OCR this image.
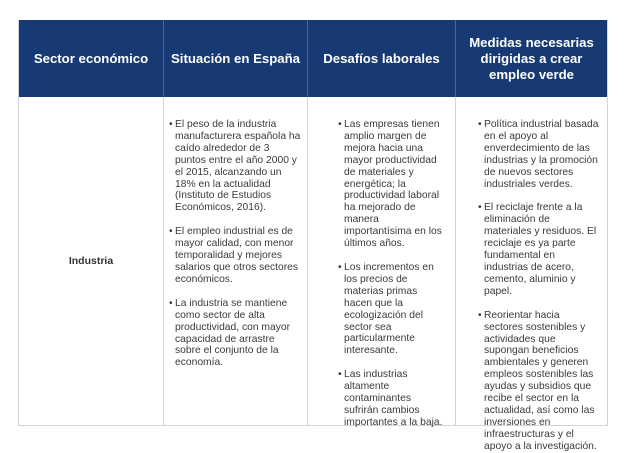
Sector económico	Situación en España	Desafíos laborales
Medidas necesarias dirigidas a crear empleo verde
Industria
• El peso de la industria manufacturera española ha caído alrededor de 3 puntos entre el año 2000 y el 2015, alcanzando un 18% en la actualidad (Instituto de Estudios Económicos, 2016).
• El empleo industrial es de mayor calidad, con menor temporalidad y mejores salarios que otros sectores económicos.
• La industria se mantiene como sector de alta productividad, con mayor capacidad de arrastre sobre el conjunto de la economía.
• Las empresas tienen amplio margen de mejora hacia una mayor productividad de materiales y energética; la productividad laboral ha mejorado de manera importantísima en los últimos años.
• Los incrementos en los precios de materias primas hacen que la ecologización del sector sea particularmente interesante.
• Las industrias altamente contaminantes sufrirán cambios importantes a la baja.
• Política industrial basada en el apoyo al enverdecimiento de las industrias y la promoción de nuevos sectores industriales verdes.
• El reciclaje frente a la eliminación de materiales y residuos. El reciclaje es ya parte fundamental en industrias de acero, cemento, aluminio y papel.
• Reorientar hacia sectores sostenibles y actividades que supongan beneficios ambientales y generen empleos sostenibles las ayudas y subsidios que recibe el sector en la actualidad, así como las inversiones en infraestructuras y el apoyo a la investigación.
